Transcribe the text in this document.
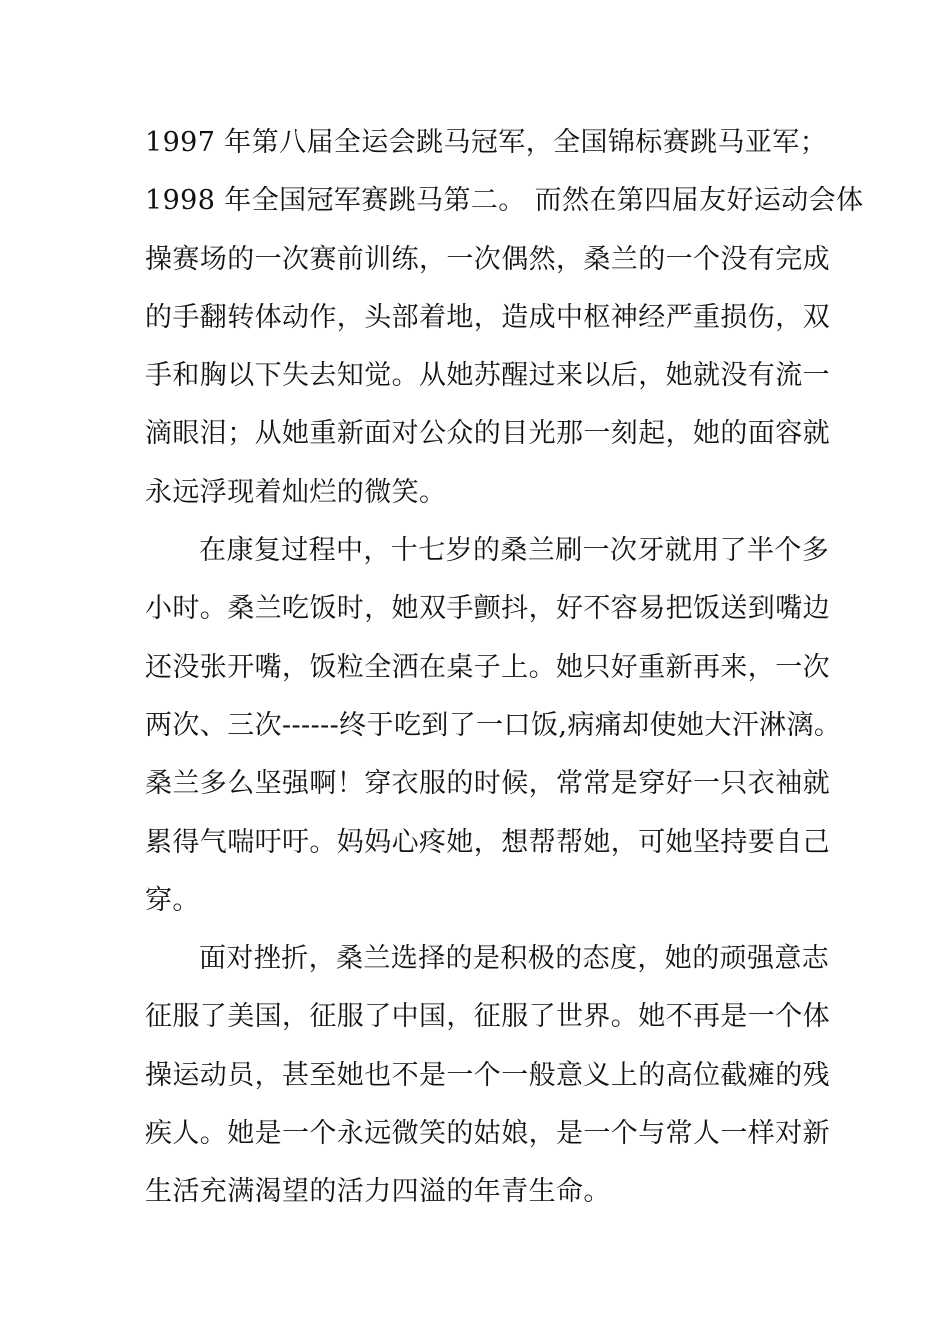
1997 年第八届全运会跳马冠军，全国锦标赛跳马亚军；
1998 年全国冠军赛跳马第二。 而然在第四届友好运动会体
操赛场的一次赛前训练，一次偶然，桑兰的一个没有完成
的手翻转体动作，头部着地，造成中枢神经严重损伤，双
手和胸以下失去知觉。从她苏醒过来以后，她就没有流一
滴眼泪；从她重新面对公众的目光那一刻起，她的面容就
永远浮现着灿烂的微笑。
在康复过程中，十七岁的桑兰刷一次牙就用了半个多
小时。桑兰吃饭时，她双手颤抖，好不容易把饭送到嘴边
还没张开嘴，饭粒全洒在桌子上。她只好重新再来，一次
两次、三次------终于吃到了一口饭,病痛却使她大汗淋漓。
桑兰多么坚强啊！穿衣服的时候，常常是穿好一只衣袖就
累得气喘吁吁。妈妈心疼她，想帮帮她，可她坚持要自己
穿。
面对挫折，桑兰选择的是积极的态度，她的顽强意志
征服了美国，征服了中国，征服了世界。她不再是一个体
操运动员，甚至她也不是一个一般意义上的高位截瘫的残
疾人。她是一个永远微笑的姑娘，是一个与常人一样对新
生活充满渴望的活力四溢的年青生命。
